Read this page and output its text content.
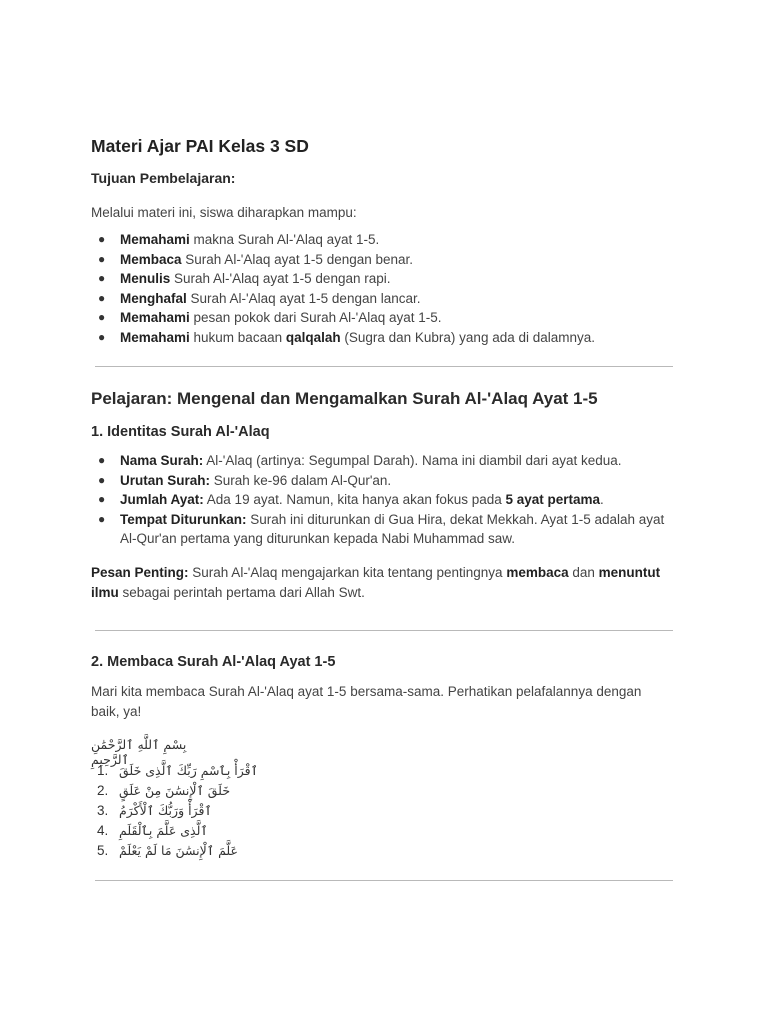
Materi Ajar PAI Kelas 3 SD

Tujuan Pembelajaran:

Melalui materi ini, siswa diharapkan mampu:

● Memahami makna Surah Al-'Alaq ayat 1-5.
● Membaca Surah Al-'Alaq ayat 1-5 dengan benar.
● Menulis Surah Al-'Alaq ayat 1-5 dengan rapi.
● Menghafal Surah Al-'Alaq ayat 1-5 dengan lancar.
● Memahami pesan pokok dari Surah Al-'Alaq ayat 1-5.
● Memahami hukum bacaan qalqalah (Sugra dan Kubra) yang ada di dalamnya.
Pelajaran: Mengenal dan Mengamalkan Surah Al-'Alaq Ayat 1-5
1. Identitas Surah Al-'Alaq
● Nama Surah: Al-'Alaq (artinya: Segumpal Darah). Nama ini diambil dari ayat kedua.
● Urutan Surah: Surah ke-96 dalam Al-Qur'an.
● Jumlah Ayat: Ada 19 ayat. Namun, kita hanya akan fokus pada 5 ayat pertama.
● Tempat Diturunkan: Surah ini diturunkan di Gua Hira, dekat Mekkah. Ayat 1-5 adalah ayat Al-Qur'an pertama yang diturunkan kepada Nabi Muhammad saw.

Pesan Penting: Surah Al-'Alaq mengajarkan kita tentang pentingnya membaca dan menuntut ilmu sebagai perintah pertama dari Allah Swt.

2. Membaca Surah Al-'Alaq Ayat 1-5

Mari kita membaca Surah Al-'Alaq ayat 1-5 bersama-sama. Perhatikan pelafalannya dengan baik, ya!

بِسْمِ ٱللَّهِ ٱلرَّحْمَٰنِ ٱلرَّحِيمِ
1. ٱقْرَأْ بِٱسْمِ رَبِّكَ ٱلَّذِى خَلَقَ
2. خَلَقَ ٱلْإِنسَٰنَ مِنْ عَلَقٍ
3. ٱقْرَأْ وَرَبُّكَ ٱلْأَكْرَمُ
4. ٱلَّذِى عَلَّمَ بِٱلْقَلَمِ
5. عَلَّمَ ٱلْإِنسَٰنَ مَا لَمْ يَعْلَمْ
